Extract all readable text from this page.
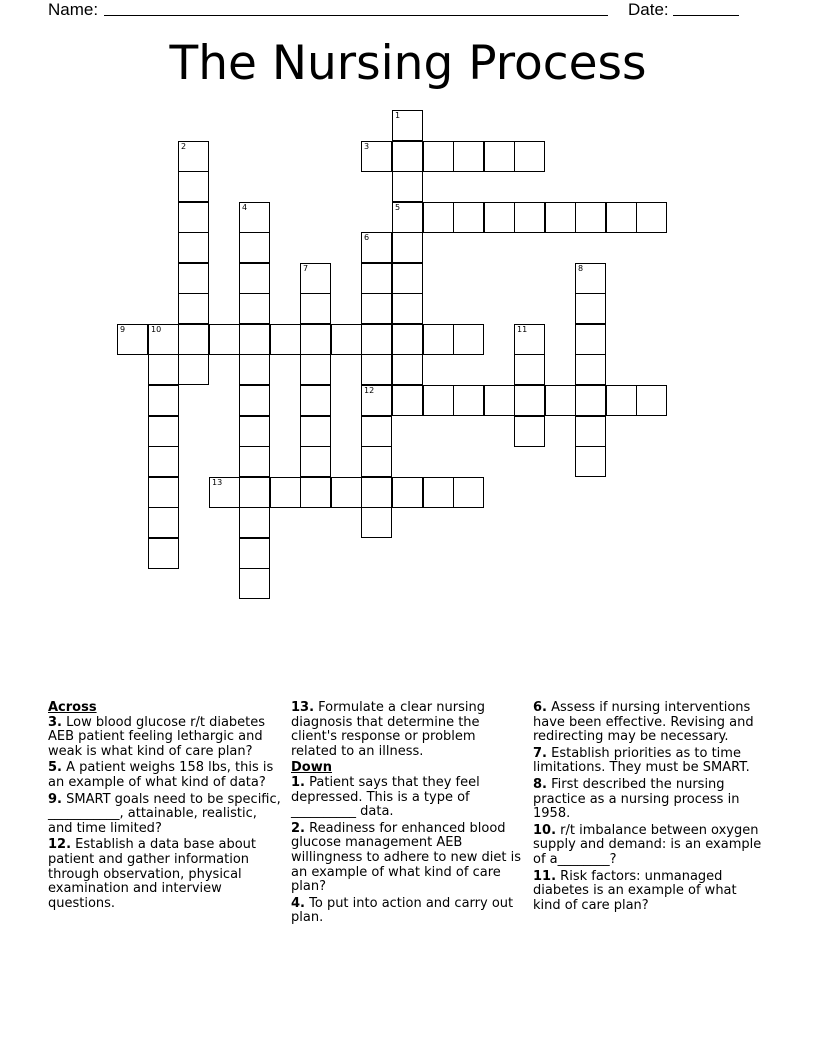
Name:	Date:
The Nursing Process
1
5
2	3
4
6
12
7	8
9	10	11
13
Across
3. Low blood glucose r/t diabetes AEB patient feeling lethargic and weak is what kind of care plan?
5. A patient weighs 158 lbs, this is an example of what kind of data?
9. SMART goals need to be specific, ___________, attainable, realistic, and time limited?
12. Establish a data base about patient and gather information through observation, physical examination and interview questions.
13. Formulate a clear nursing diagnosis that determine the client's response or problem related to an illness.
Down
1. Patient says that they feel depressed. This is a type of __________ data.
2. Readiness for enhanced blood glucose management AEB willingness to adhere to new diet is an example of what kind of care plan?
4. To put into action and carry out plan.
6. Assess if nursing interventions have been effective. Revising and redirecting may be necessary.
7. Establish priorities as to time limitations. They must be SMART.
8. First described the nursing practice as a nursing process in 1958.
10. r/t imbalance between oxygen supply and demand: is an example of a________?
11. Risk factors: unmanaged diabetes is an example of what kind of care plan?
